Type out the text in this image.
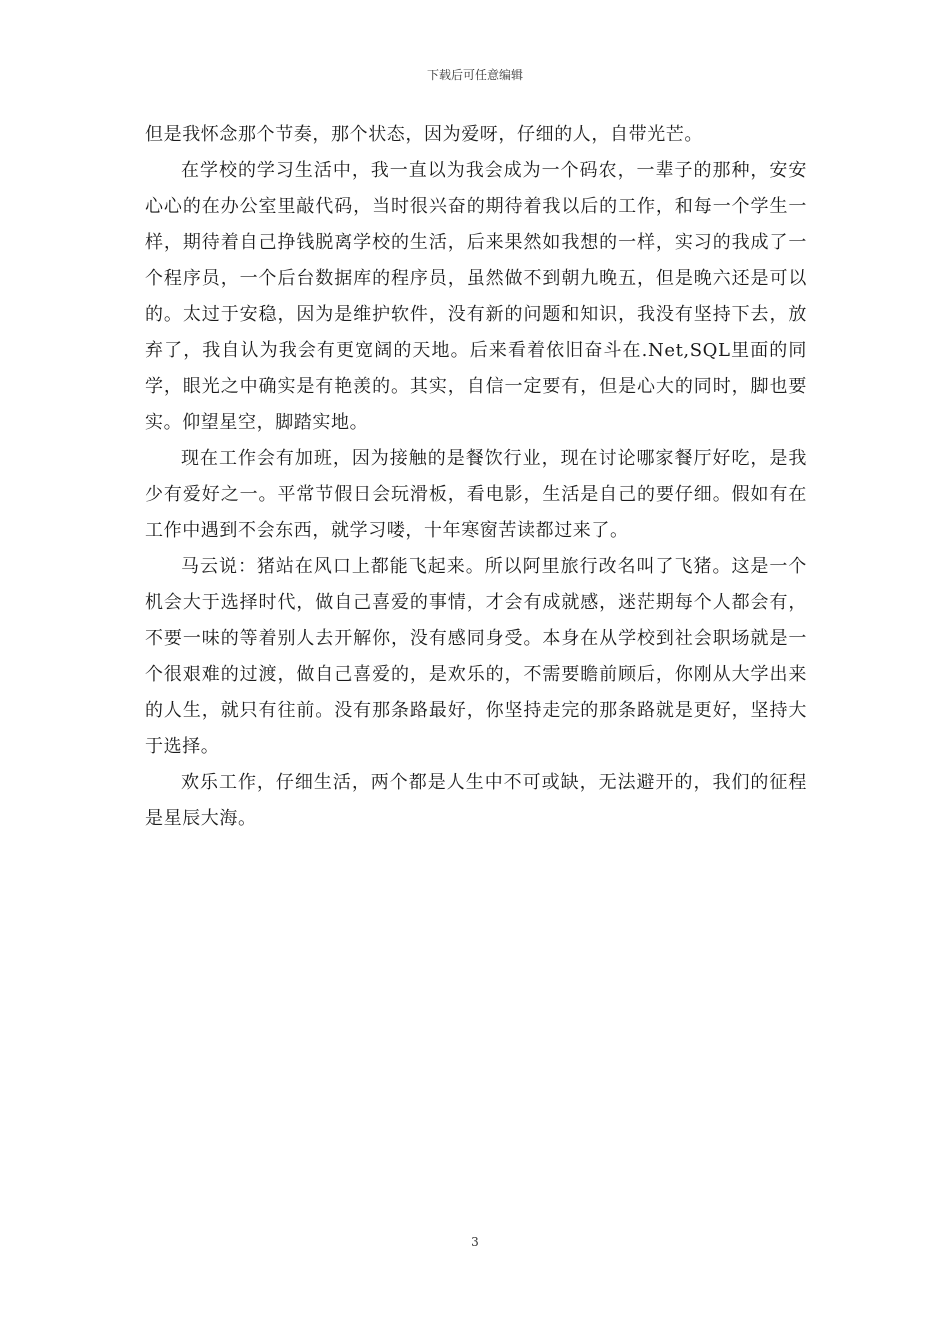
下载后可任意编辑

但是我怀念那个节奏，那个状态，因为爱呀，仔细的人，自带光芒。

在学校的学习生活中，我一直以为我会成为一个码农，一辈子的那种，安安心心的在办公室里敲代码，当时很兴奋的期待着我以后的工作，和每一个学生一样，期待着自己挣钱脱离学校的生活，后来果然如我想的一样，实习的我成了一个程序员，一个后台数据库的程序员，虽然做不到朝九晚五，但是晚六还是可以的。太过于安稳，因为是维护软件，没有新的问题和知识，我没有坚持下去，放弃了，我自认为我会有更宽阔的天地。后来看着依旧奋斗在.Net,SQL里面的同学，眼光之中确实是有艳羡的。其实，自信一定要有，但是心大的同时，脚也要实。仰望星空，脚踏实地。

现在工作会有加班，因为接触的是餐饮行业，现在讨论哪家餐厅好吃，是我少有爱好之一。平常节假日会玩滑板，看电影，生活是自己的要仔细。假如有在工作中遇到不会东西，就学习喽，十年寒窗苦读都过来了。

马云说：猪站在风口上都能飞起来。所以阿里旅行改名叫了飞猪。这是一个机会大于选择时代，做自己喜爱的事情，才会有成就感，迷茫期每个人都会有，不要一味的等着别人去开解你，没有感同身受。本身在从学校到社会职场就是一个很艰难的过渡，做自己喜爱的，是欢乐的，不需要瞻前顾后，你刚从大学出来的人生，就只有往前。没有那条路最好，你坚持走完的那条路就是更好，坚持大于选择。

欢乐工作，仔细生活，两个都是人生中不可或缺，无法避开的，我们的征程是星辰大海。

3
